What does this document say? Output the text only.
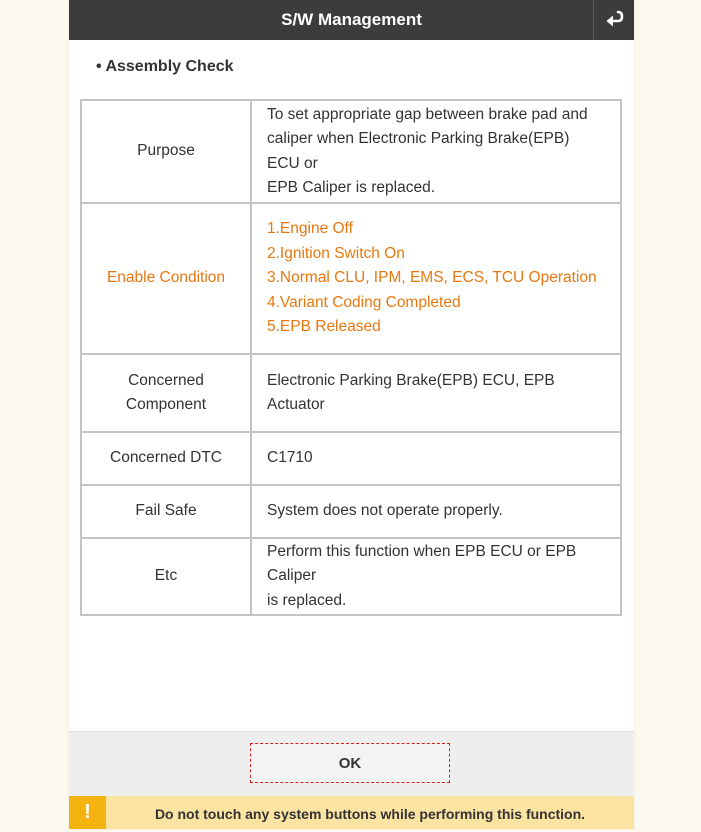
S/W Management
• Assembly Check
Purpose	To set appropriate gap between brake pad and
caliper when Electronic Parking Brake(EPB) ECU or
EPB Caliper is replaced.

Enable Condition	1.Engine Off
2.Ignition Switch On
3.Normal CLU, IPM, EMS, ECS, TCU Operation
4.Variant Coding Completed
5.EPB Released

Concerned
Component	Electronic Parking Brake(EPB) ECU, EPB Actuator

Concerned DTC	C1710

Fail Safe	System does not operate properly.

Etc	Perform this function when EPB ECU or EPB Caliper
is replaced.
OK
!	Do not touch any system buttons while performing this function.
